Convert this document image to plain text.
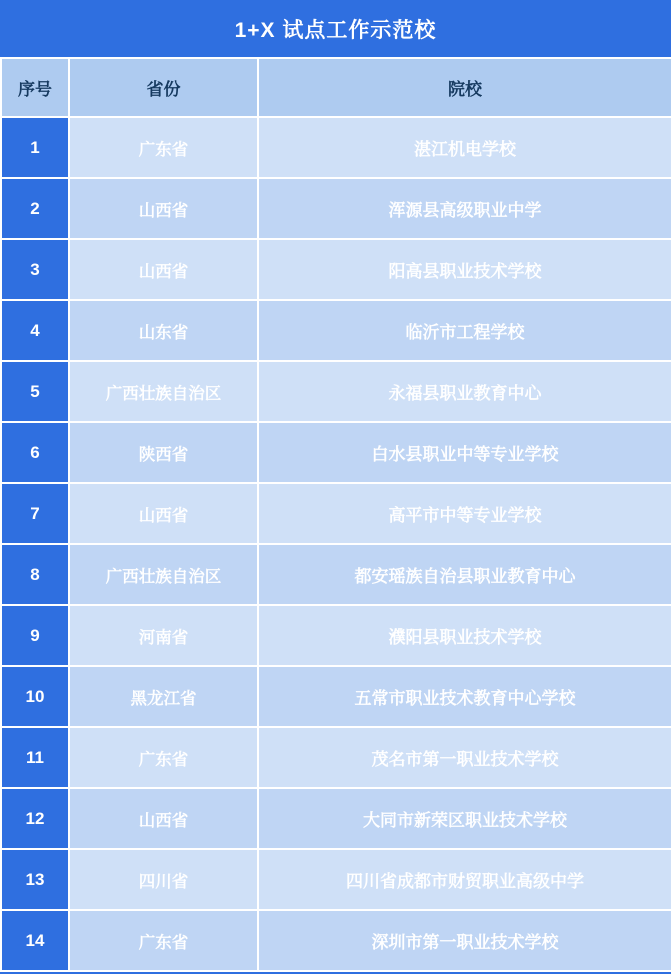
1+X 试点工作示范校
序号	省份	院校
1	广东省	湛江机电学校
2	山西省	浑源县高级职业中学
3	山西省	阳高县职业技术学校
4	山东省	临沂市工程学校
5	广西壮族自治区	永福县职业教育中心
6	陕西省	白水县职业中等专业学校
7	山西省	高平市中等专业学校
8	广西壮族自治区	都安瑶族自治县职业教育中心
9	河南省	濮阳县职业技术学校
10	黑龙江省	五常市职业技术教育中心学校
11	广东省	茂名市第一职业技术学校
12	山西省	大同市新荣区职业技术学校
13	四川省	四川省成都市财贸职业高级中学
14	广东省	深圳市第一职业技术学校
